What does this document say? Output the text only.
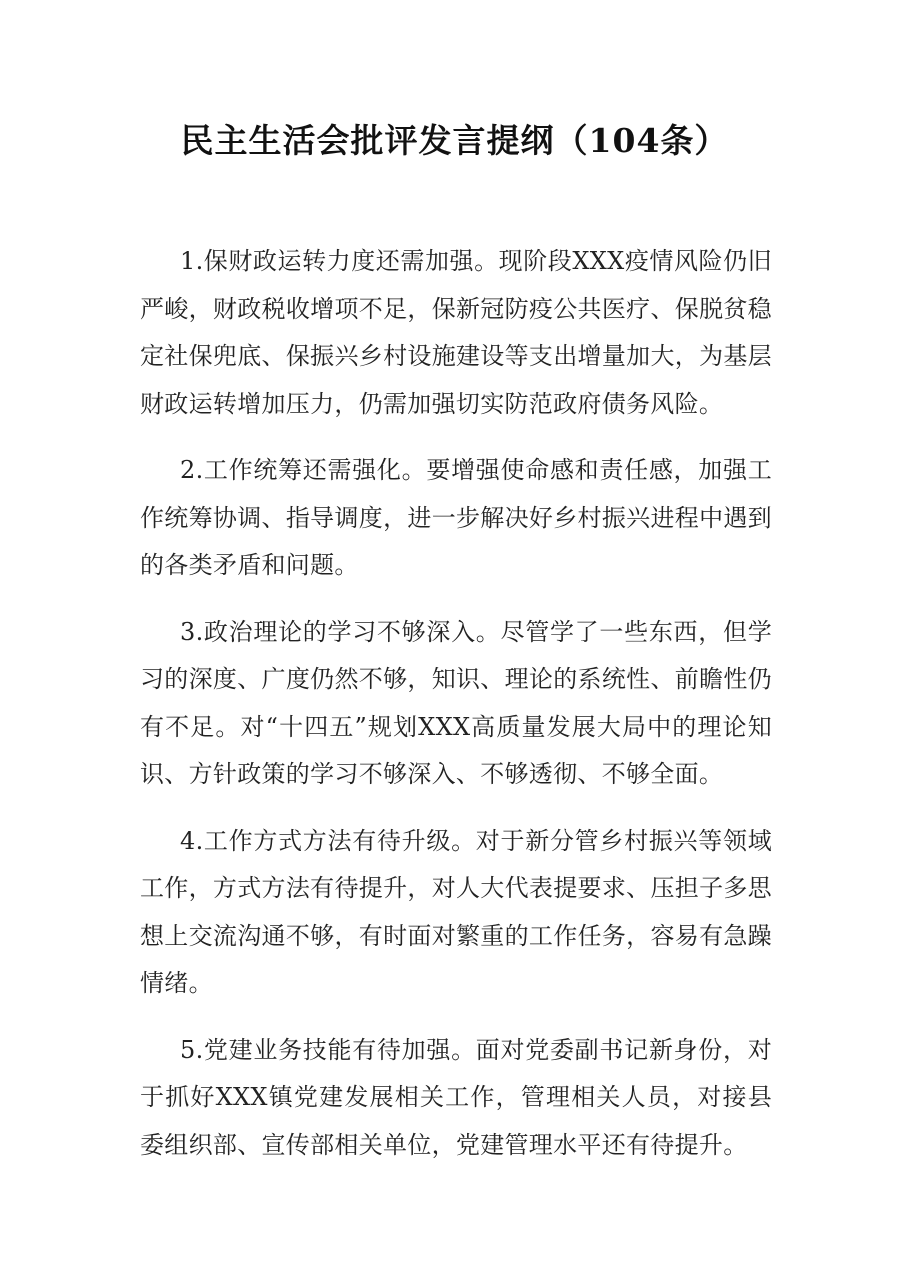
民主生活会批评发言提纲（104条）

1.保财政运转力度还需加强。现阶段XXX疫情风险仍旧严峻，财政税收增项不足，保新冠防疫公共医疗、保脱贫稳定社保兜底、保振兴乡村设施建设等支出增量加大，为基层财政运转增加压力，仍需加强切实防范政府债务风险。

2.工作统筹还需强化。要增强使命感和责任感，加强工作统筹协调、指导调度，进一步解决好乡村振兴进程中遇到的各类矛盾和问题。

3.政治理论的学习不够深入。尽管学了一些东西，但学习的深度、广度仍然不够，知识、理论的系统性、前瞻性仍有不足。对“十四五”规划XXX高质量发展大局中的理论知识、方针政策的学习不够深入、不够透彻、不够全面。

4.工作方式方法有待升级。对于新分管乡村振兴等领域工作，方式方法有待提升，对人大代表提要求、压担子多思想上交流沟通不够，有时面对繁重的工作任务，容易有急躁情绪。

5.党建业务技能有待加强。面对党委副书记新身份，对于抓好XXX镇党建发展相关工作，管理相关人员，对接县委组织部、宣传部相关单位，党建管理水平还有待提升。
